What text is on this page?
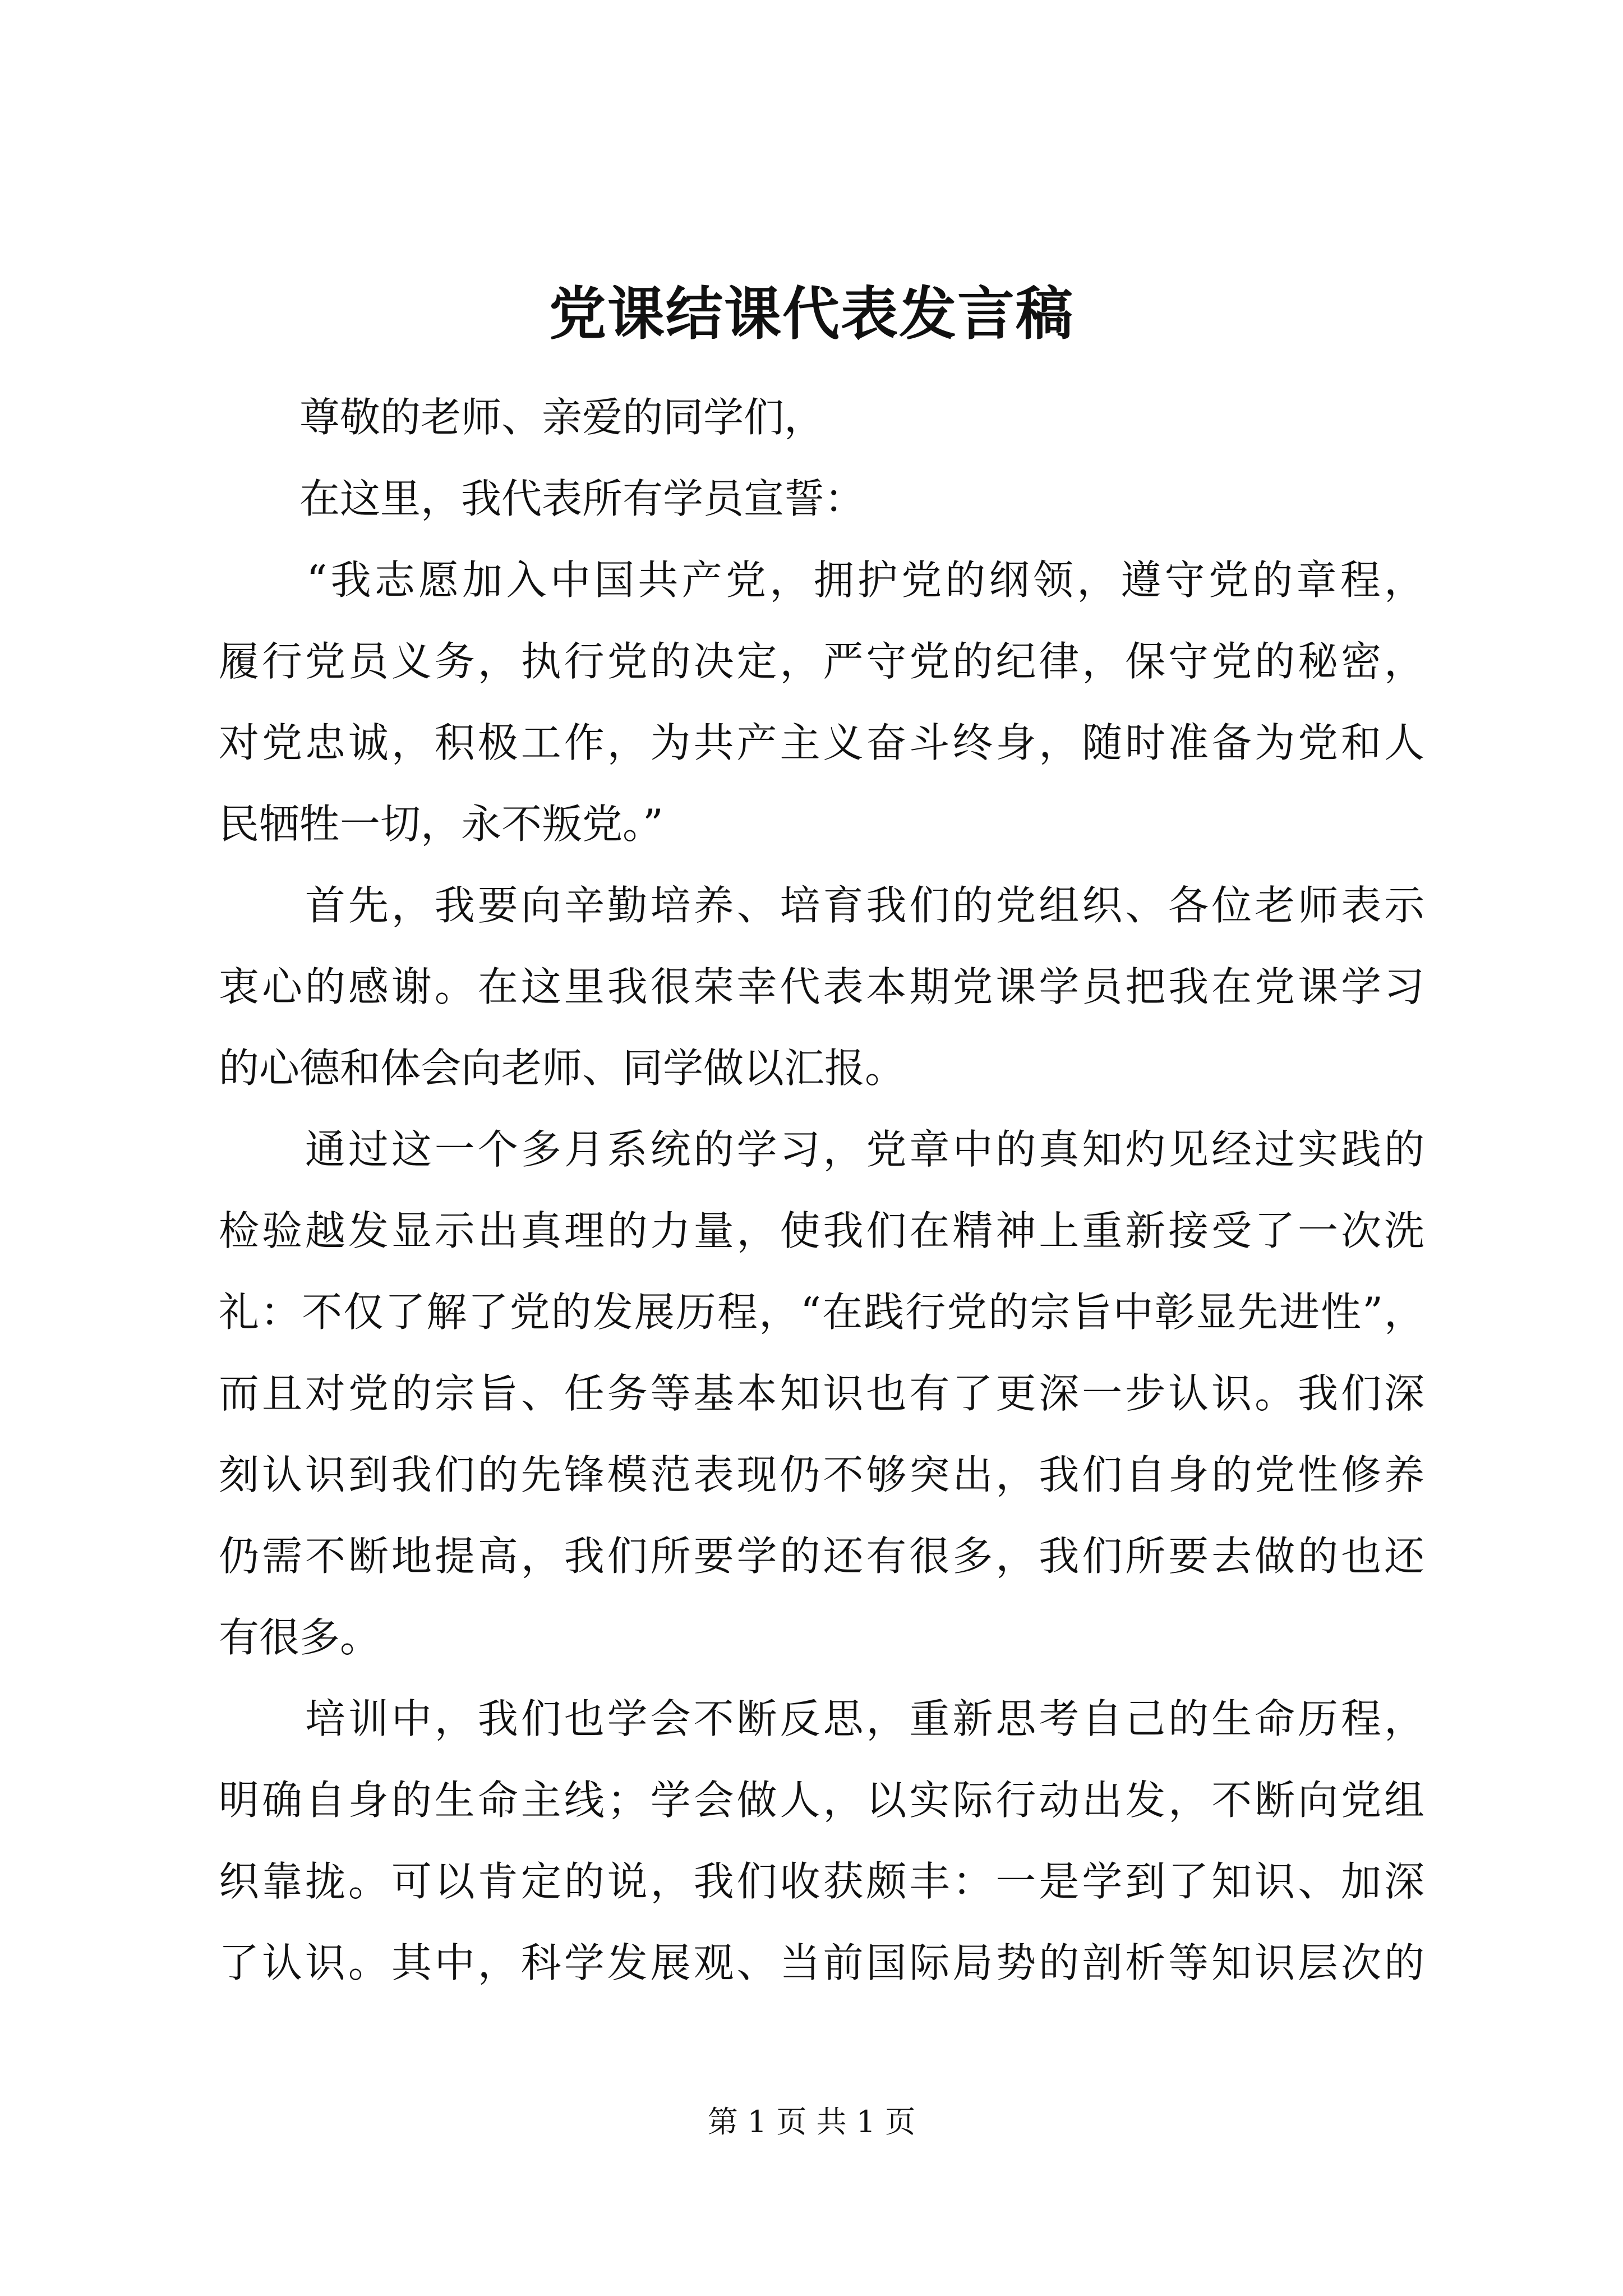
党课结课代表发言稿
　　尊敬的老师、亲爱的同学们，
　　在这里，我代表所有学员宣誓：
　　“我志愿加入中国共产党，拥护党的纲领，遵守党的章程，
履行党员义务，执行党的决定，严守党的纪律，保守党的秘密，
对党忠诚，积极工作，为共产主义奋斗终身，随时准备为党和人
民牺牲一切，永不叛党。”
　　首先，我要向辛勤培养、培育我们的党组织、各位老师表示
衷心的感谢。在这里我很荣幸代表本期党课学员把我在党课学习
的心德和体会向老师、同学做以汇报。
　　通过这一个多月系统的学习，党章中的真知灼见经过实践的
检验越发显示出真理的力量，使我们在精神上重新接受了一次洗
礼：不仅了解了党的发展历程，“在践行党的宗旨中彰显先进性”，
而且对党的宗旨、任务等基本知识也有了更深一步认识。我们深
刻认识到我们的先锋模范表现仍不够突出，我们自身的党性修养
仍需不断地提高，我们所要学的还有很多，我们所要去做的也还
有很多。
　　培训中，我们也学会不断反思，重新思考自己的生命历程，
明确自身的生命主线；学会做人，以实际行动出发，不断向党组
织靠拢。可以肯定的说，我们收获颇丰：一是学到了知识、加深
了认识。其中，科学发展观、当前国际局势的剖析等知识层次的
第 1 页 共 1 页
